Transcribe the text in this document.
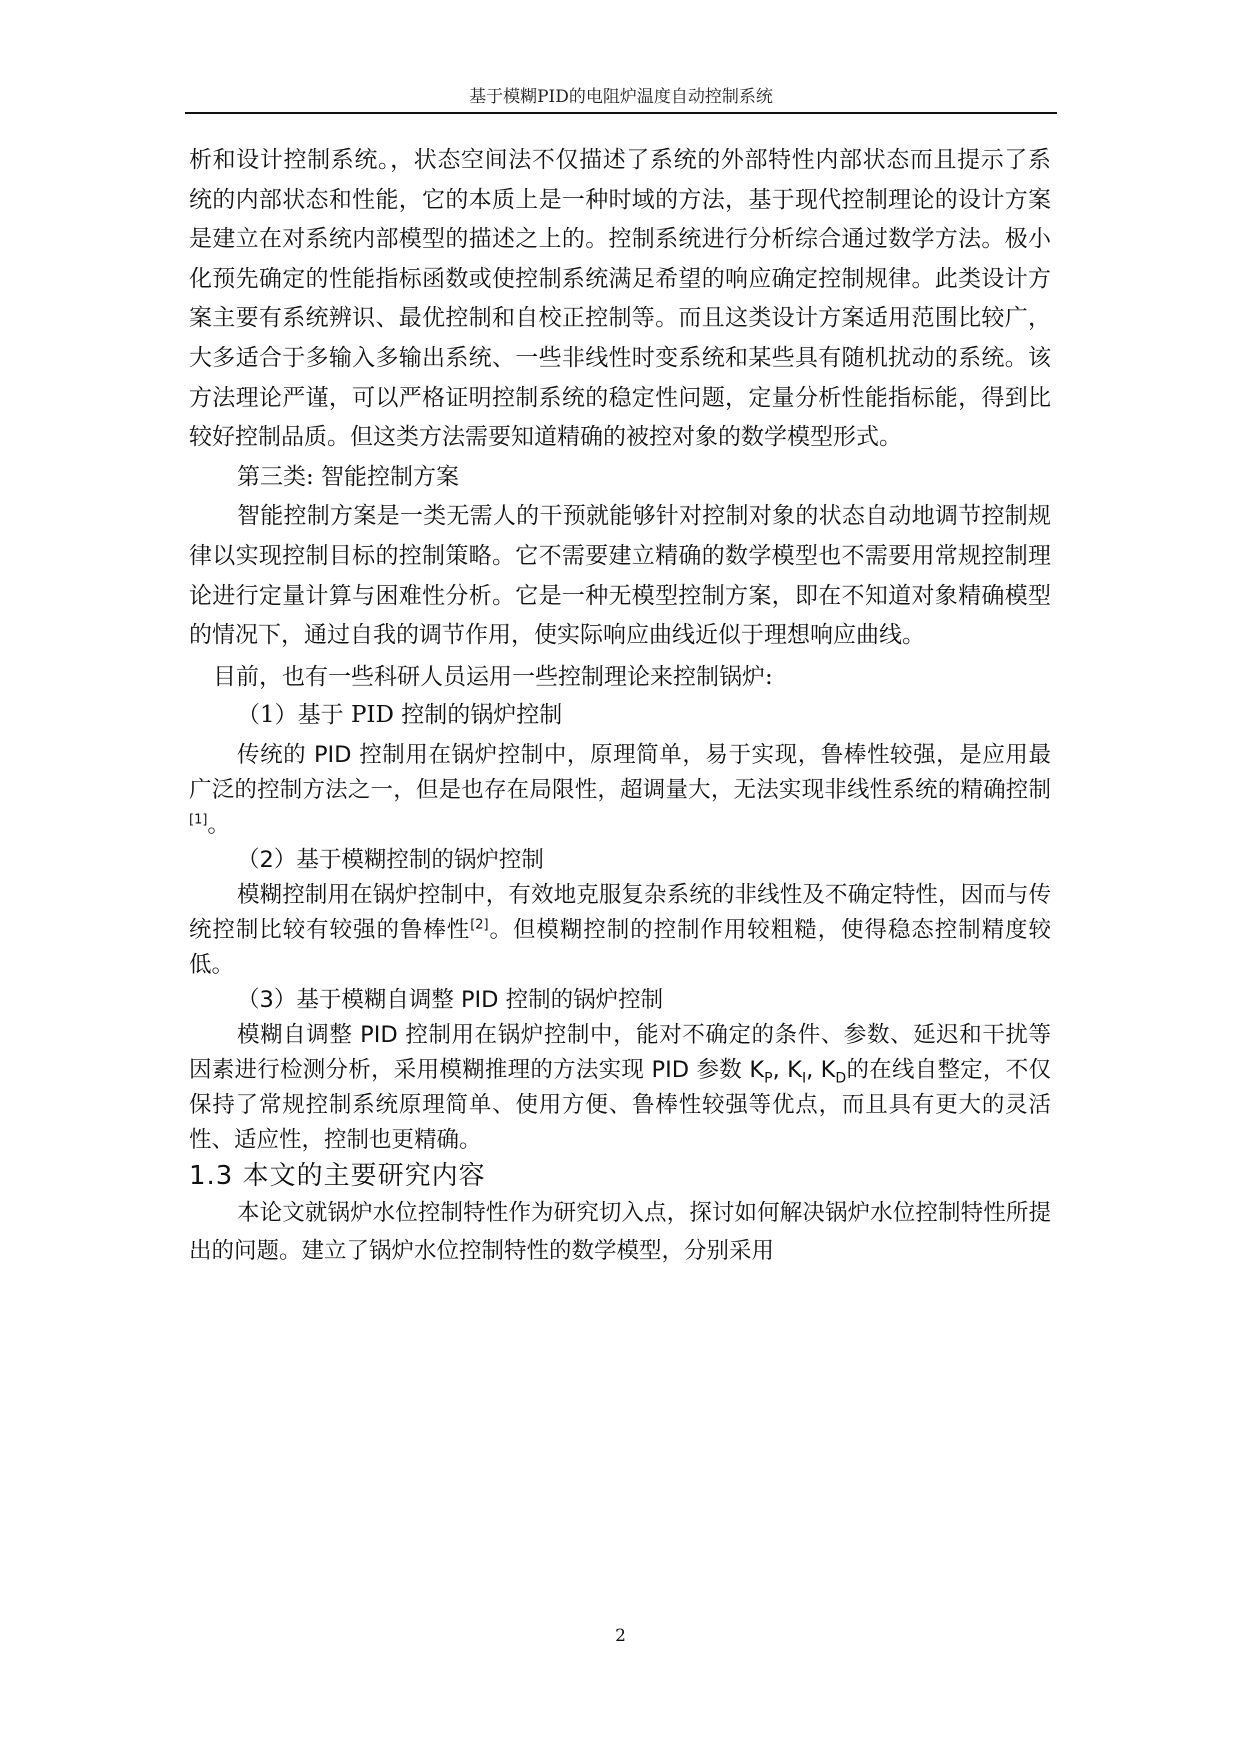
基于模糊PID的电阻炉温度自动控制系统

析和设计控制系统。，状态空间法不仅描述了系统的外部特性内部状态而且提示了系统的内部状态和性能，它的本质上是一种时域的方法，基于现代控制理论的设计方案是建立在对系统内部模型的描述之上的。控制系统进行分析综合通过数学方法。极小化预先确定的性能指标函数或使控制系统满足希望的响应确定控制规律。此类设计方案主要有系统辨识、最优控制和自校正控制等。而且这类设计方案适用范围比较广，大多适合于多输入多输出系统、一些非线性时变系统和某些具有随机扰动的系统。该方法理论严谨，可以严格证明控制系统的稳定性问题，定量分析性能指标能，得到比较好控制品质。但这类方法需要知道精确的被控对象的数学模型形式。

第三类: 智能控制方案

智能控制方案是一类无需人的干预就能够针对控制对象的状态自动地调节控制规律以实现控制目标的控制策略。它不需要建立精确的数学模型也不需要用常规控制理论进行定量计算与困难性分析。它是一种无模型控制方案，即在不知道对象精确模型的情况下，通过自我的调节作用，使实际响应曲线近似于理想响应曲线。

目前，也有一些科研人员运用一些控制理论来控制锅炉:

（1）基于 PID 控制的锅炉控制

传统的 PID 控制用在锅炉控制中，原理简单，易于实现，鲁棒性较强，是应用最广泛的控制方法之一，但是也存在局限性，超调量大，无法实现非线性系统的精确控制[1]。

（2）基于模糊控制的锅炉控制

模糊控制用在锅炉控制中，有效地克服复杂系统的非线性及不确定特性，因而与传统控制比较有较强的鲁棒性[2]。但模糊控制的控制作用较粗糙，使得稳态控制精度较低。

（3）基于模糊自调整 PID 控制的锅炉控制

模糊自调整 PID 控制用在锅炉控制中，能对不确定的条件、参数、延迟和干扰等因素进行检测分析，采用模糊推理的方法实现 PID 参数 $K_P$, $K_I$, $K_D$的在线自整定，不仅保持了常规控制系统原理简单、使用方便、鲁棒性较强等优点，而且具有更大的灵活性、适应性，控制也更精确。

1.3 本文的主要研究内容

本论文就锅炉水位控制特性作为研究切入点，探讨如何解决锅炉水位控制特性所提出的问题。建立了锅炉水位控制特性的数学模型，分别采用

2
